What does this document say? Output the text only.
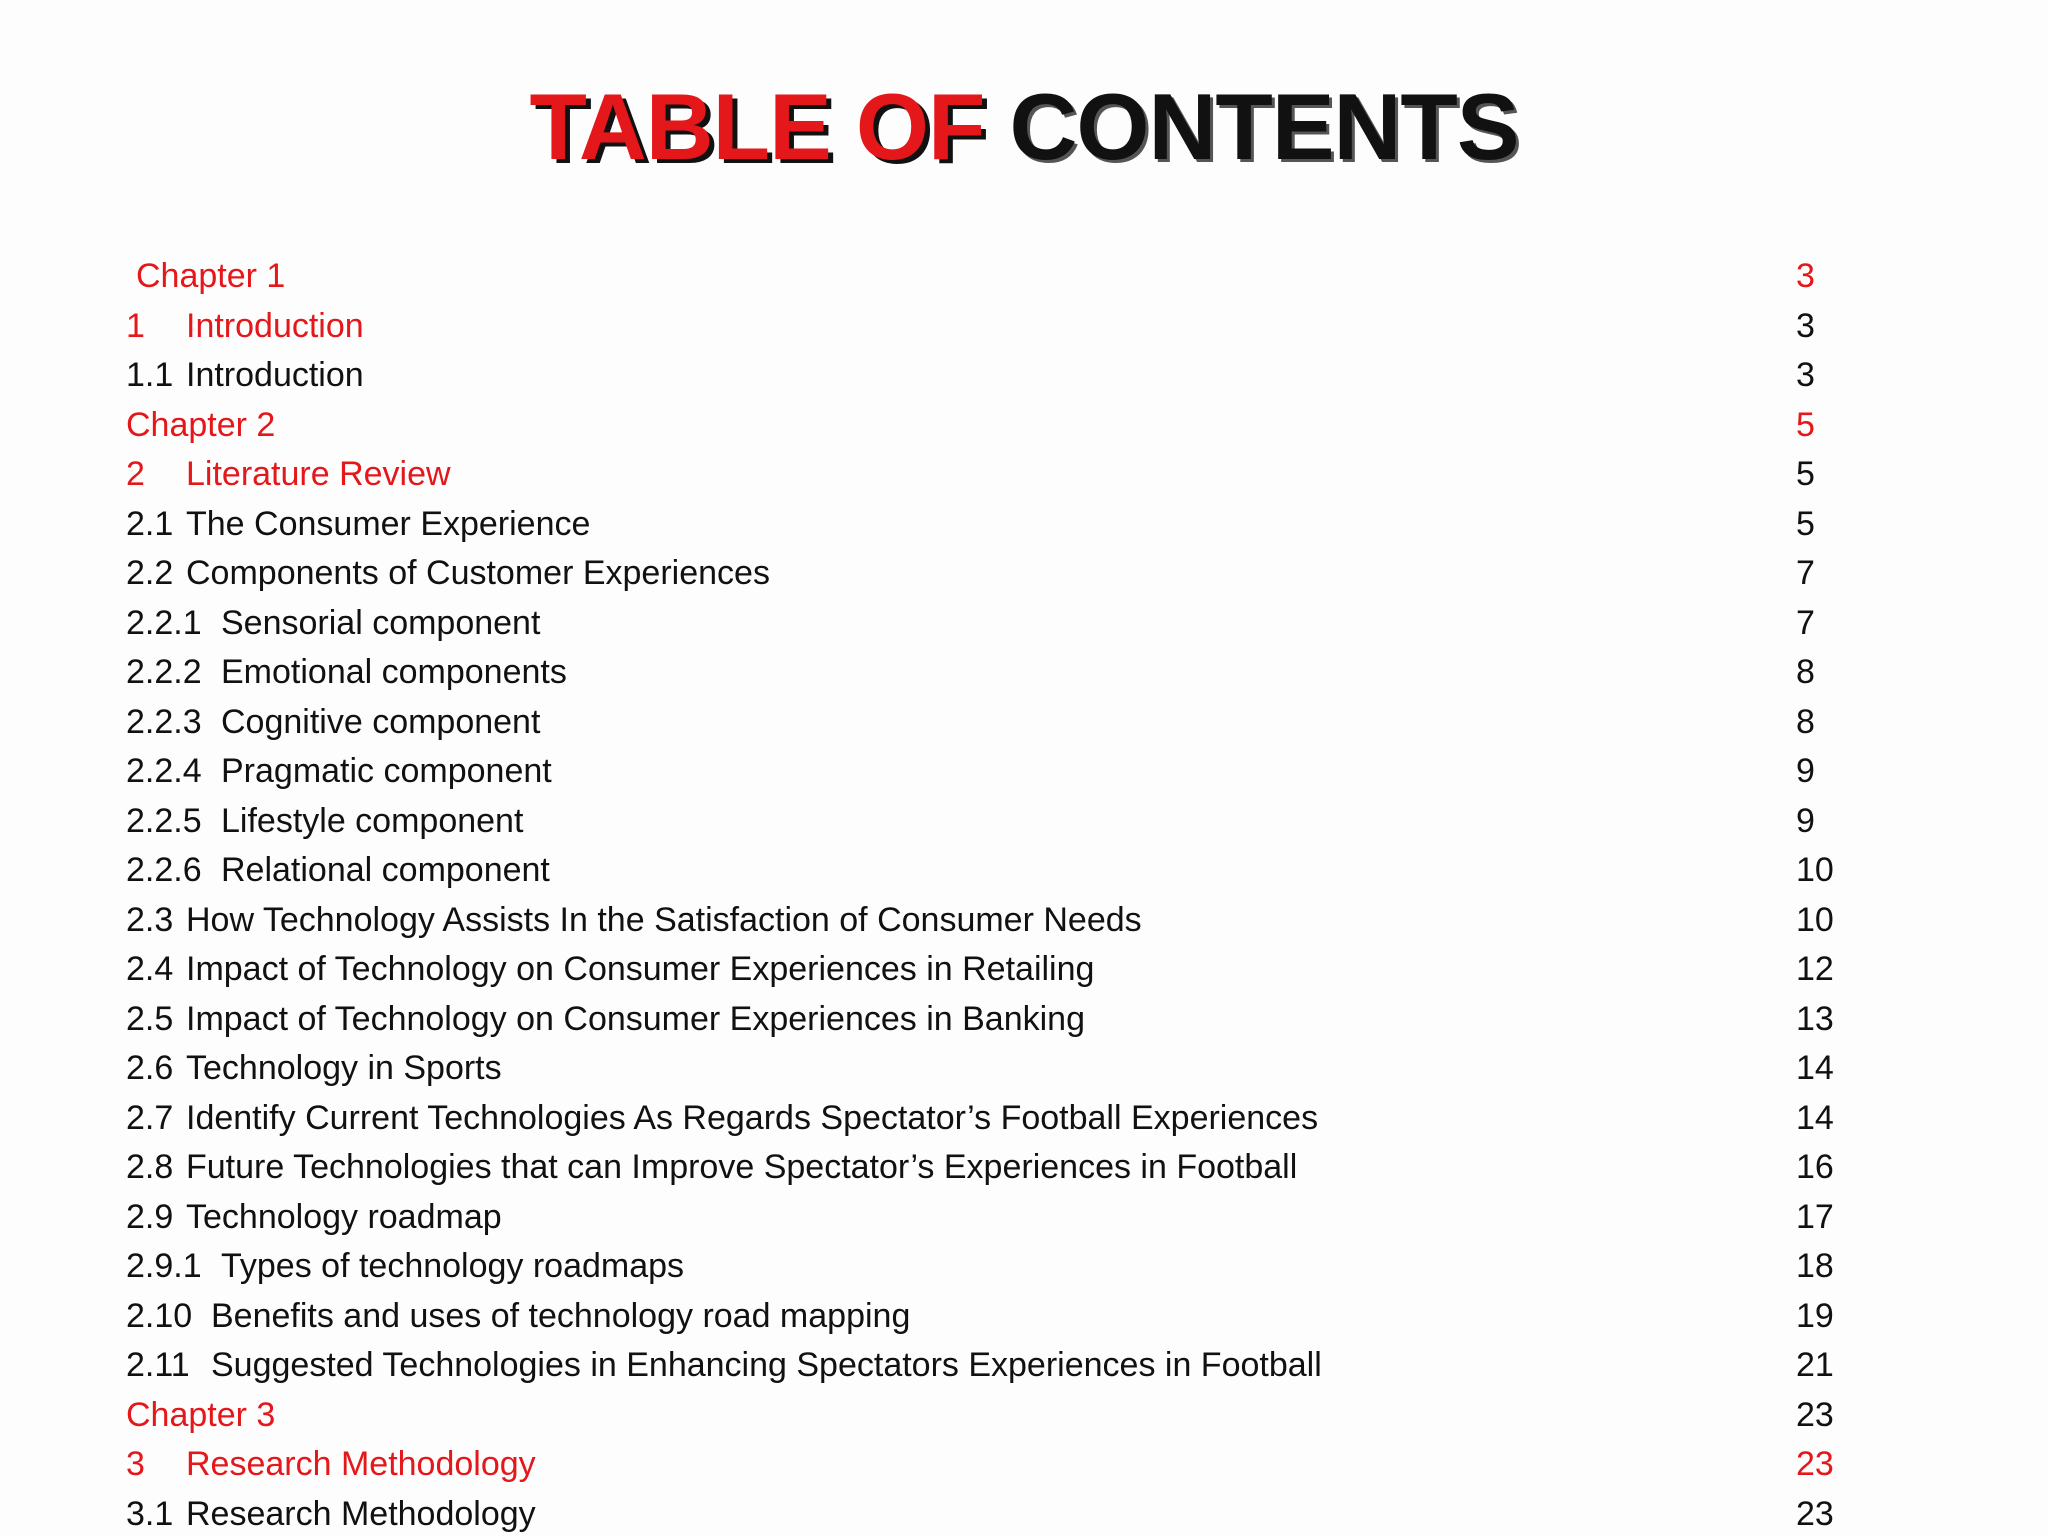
TABLE OF CONTENTS
Chapter 1	3
1 Introduction	3
1.1 Introduction	3
Chapter 2	5
2 Literature Review	5
2.1 The Consumer Experience	5
2.2 Components of Customer Experiences	7
2.2.1 Sensorial component	7
2.2.2 Emotional components	8
2.2.3 Cognitive component	8
2.2.4 Pragmatic component	9
2.2.5 Lifestyle component	9
2.2.6 Relational component	10
2.3 How Technology Assists In the Satisfaction of Consumer Needs	10
2.4 Impact of Technology on Consumer Experiences in Retailing	12
2.5 Impact of Technology on Consumer Experiences in Banking	13
2.6 Technology in Sports	14
2.7 Identify Current Technologies As Regards Spectator’s Football Experiences	14
2.8 Future Technologies that can Improve Spectator’s Experiences in Football	16
2.9 Technology roadmap	17
2.9.1 Types of technology roadmaps	18
2.10 Benefits and uses of technology road mapping	19
2.11 Suggested Technologies in Enhancing Spectators Experiences in Football	21
Chapter 3	23
3 Research Methodology	23
3.1 Research Methodology	23
